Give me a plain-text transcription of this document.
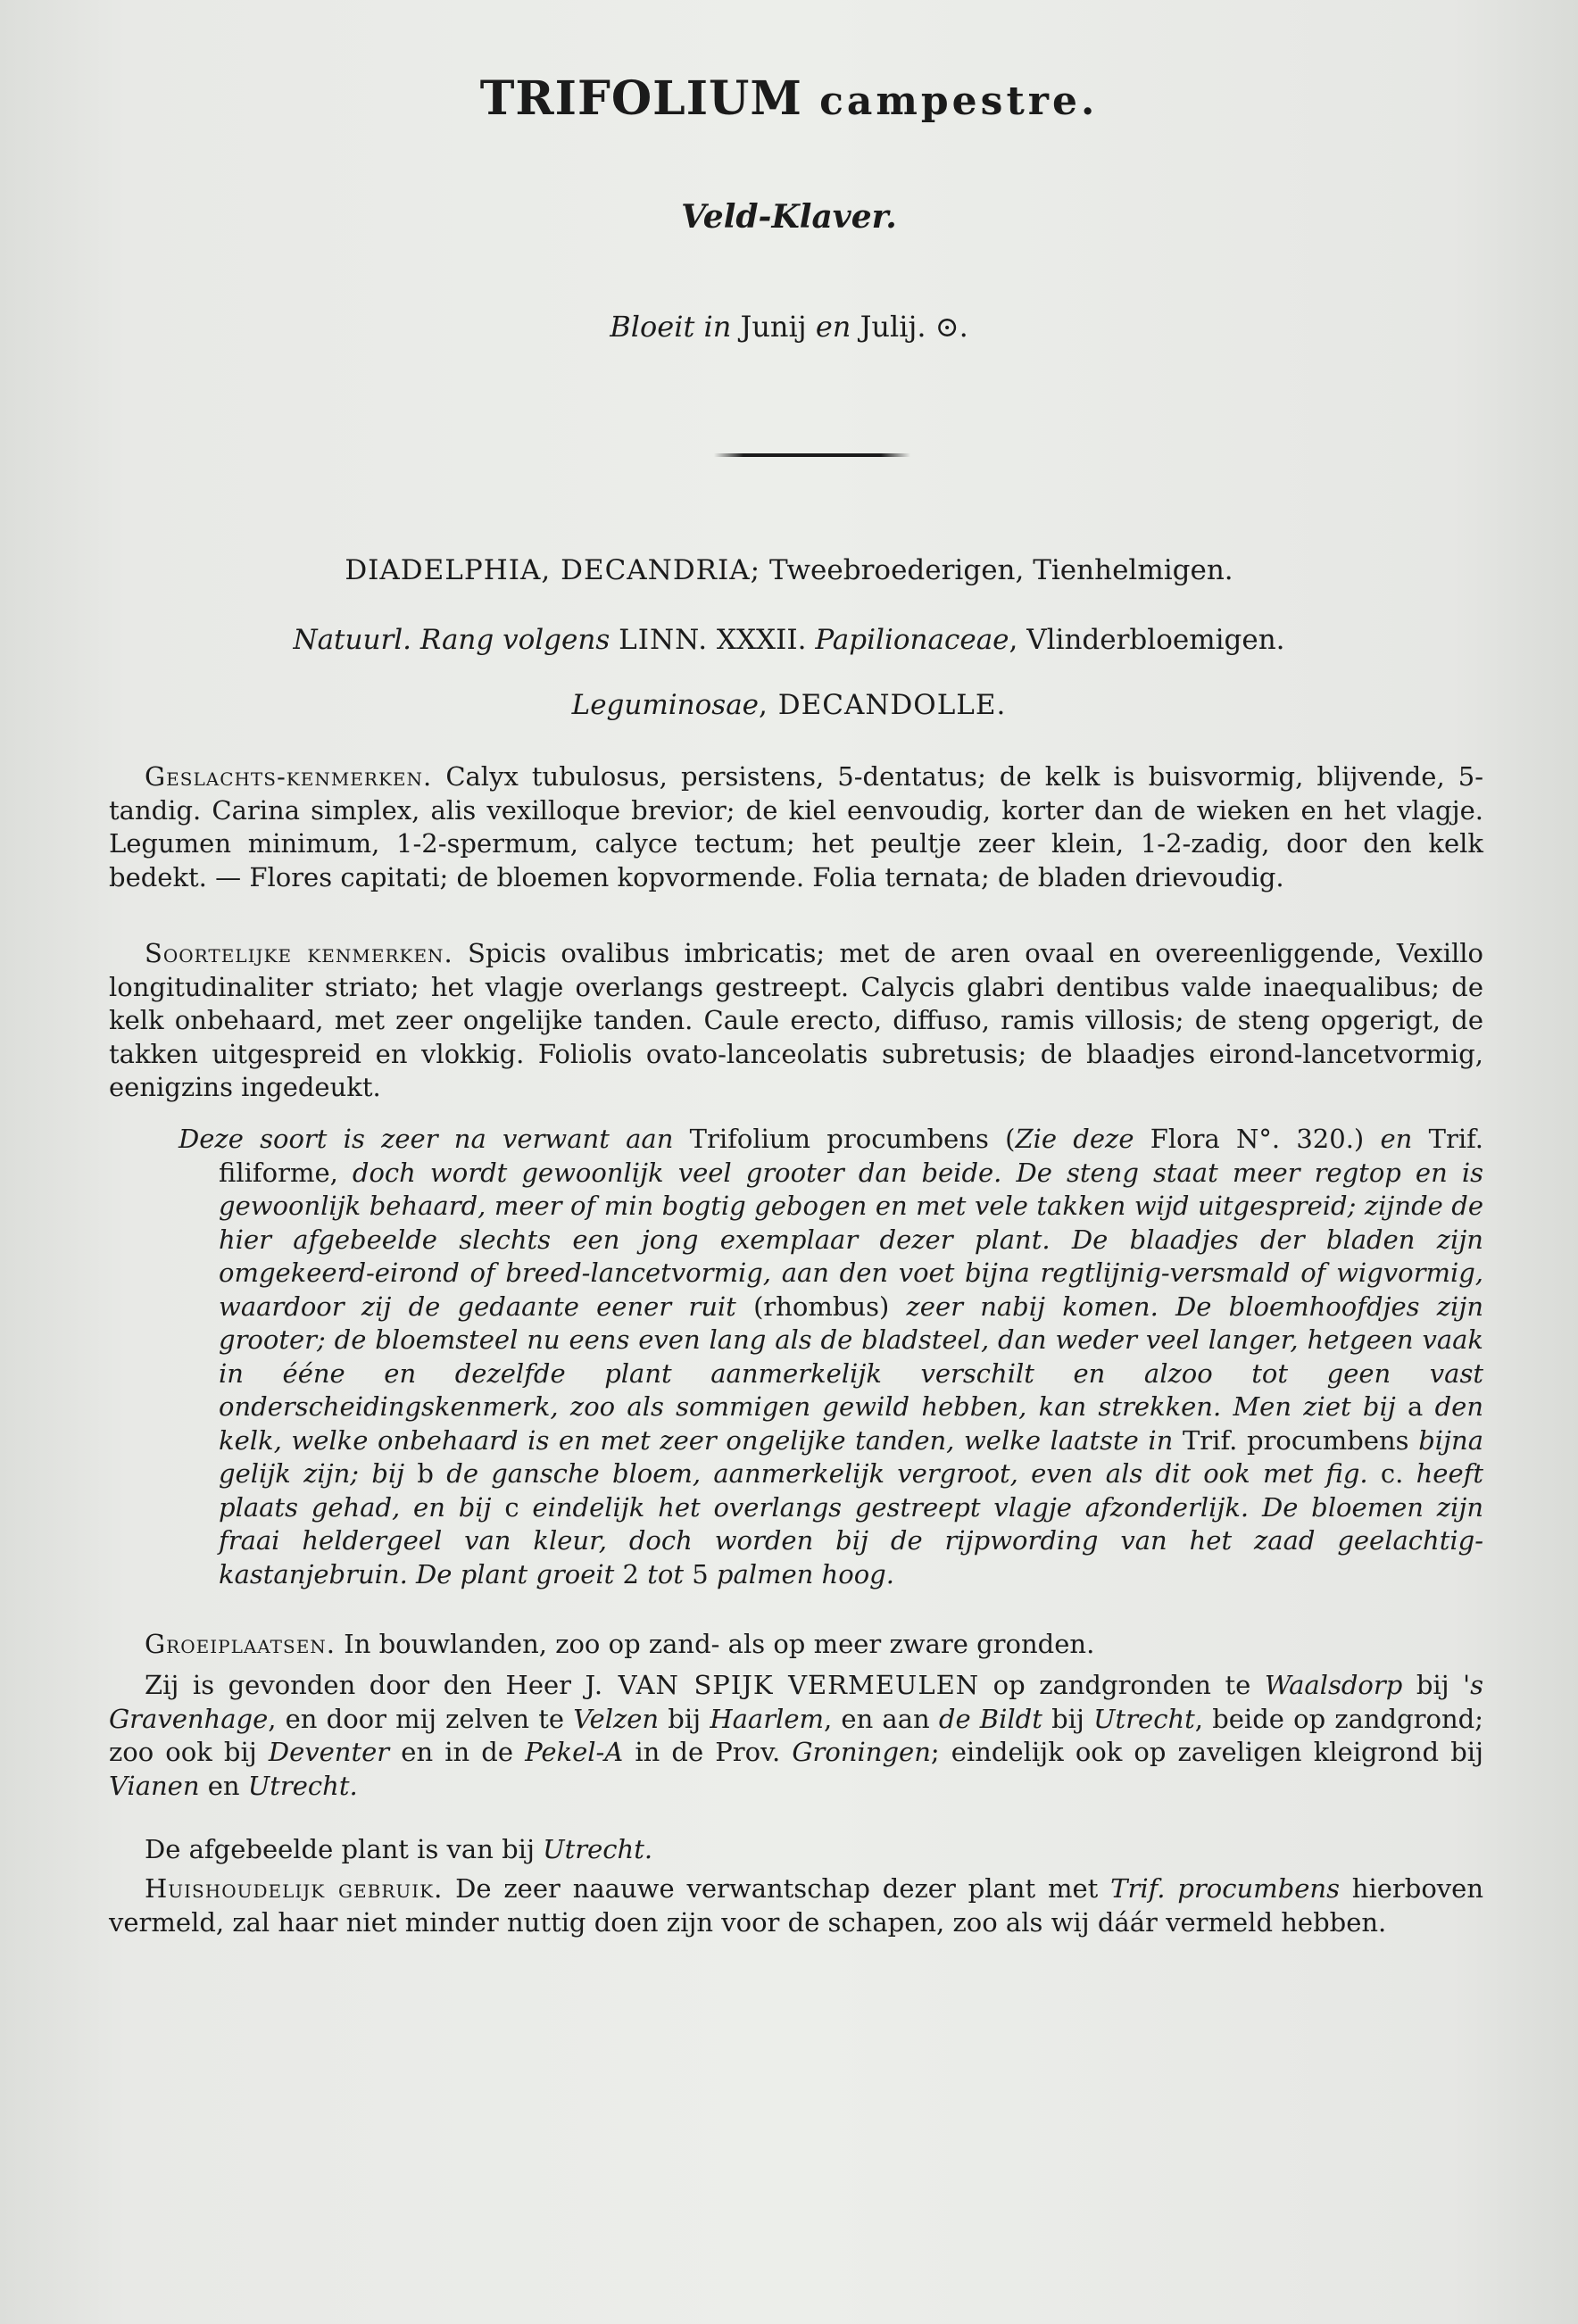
TRIFOLIUM campestre.
Veld-Klaver.
Bloeit in Junij en Julij. ⊙.
DIADELPHIA, DECANDRIA; Tweebroederigen, Tienhelmigen.
Natuurl. Rang volgens LINN. XXXII. Papilionaceae, Vlinderbloemigen.
Leguminosae, DECANDOLLE.
Geslachts-kenmerken. Calyx tubulosus, persistens, 5-dentatus; de kelk is buisvormig, blijvende, 5-tandig. Carina simplex, alis vexilloque brevior; de kiel eenvoudig, korter dan de wieken en het vlagje. Legumen minimum, 1-2-spermum, calyce tectum; het peultje zeer klein, 1-2-zadig, door den kelk bedekt. — Flores capitati; de bloemen kopvormende. Folia ternata; de bladen drievoudig.
Soortelijke kenmerken. Spicis ovalibus imbricatis; met de aren ovaal en overeenliggende, Vexillo longitudinaliter striato; het vlagje overlangs gestreept. Calycis glabri dentibus valde inaequalibus; de kelk onbehaard, met zeer ongelijke tanden. Caule erecto, diffuso, ramis villosis; de steng opgerigt, de takken uitgespreid en vlokkig. Foliolis ovato-lanceolatis subretusis; de blaadjes eirond-lancetvormig, eenigzins ingedeukt.
Deze soort is zeer na verwant aan Trifolium procumbens (Zie deze Flora N°. 320.) en Trif. filiforme, doch wordt gewoonlijk veel grooter dan beide. De steng staat meer regtop en is gewoonlijk behaard, meer of min bogtig gebogen en met vele takken wijd uitgespreid; zijnde de hier afgebeelde slechts een jong exemplaar dezer plant. De blaadjes der bladen zijn omgekeerd-eirond of breed-lancetvormig, aan den voet bijna regtlijnig-versmald of wigvormig, waardoor zij de gedaante eener ruit (rhombus) zeer nabij komen. De bloemhoofdjes zijn grooter; de bloemsteel nu eens even lang als de bladsteel, dan weder veel langer, hetgeen vaak in ééne en dezelfde plant aanmerkelijk verschilt en alzoo tot geen vast onderscheidingskenmerk, zoo als sommigen gewild hebben, kan strekken. Men ziet bij a den kelk, welke onbehaard is en met zeer ongelijke tanden, welke laatste in Trif. procumbens bijna gelijk zijn; bij b de gansche bloem, aanmerkelijk vergroot, even als dit ook met fig. c. heeft plaats gehad, en bij c eindelijk het overlangs gestreept vlagje afzonderlijk. De bloemen zijn fraai heldergeel van kleur, doch worden bij de rijpwording van het zaad geelachtig-kastanjebruin. De plant groeit 2 tot 5 palmen hoog.
Groeiplaatsen. In bouwlanden, zoo op zand- als op meer zware gronden.
Zij is gevonden door den Heer J. VAN SPIJK VERMEULEN op zandgronden te Waalsdorp bij 's Gravenhage, en door mij zelven te Velzen bij Haarlem, en aan de Bildt bij Utrecht, beide op zandgrond; zoo ook bij Deventer en in de Pekel-A in de Prov. Groningen; eindelijk ook op zaveligen kleigrond bij Vianen en Utrecht.
De afgebeelde plant is van bij Utrecht.
Huishoudelijk gebruik. De zeer naauwe verwantschap dezer plant met Trif. procumbens hierboven vermeld, zal haar niet minder nuttig doen zijn voor de schapen, zoo als wij dáár vermeld hebben.
